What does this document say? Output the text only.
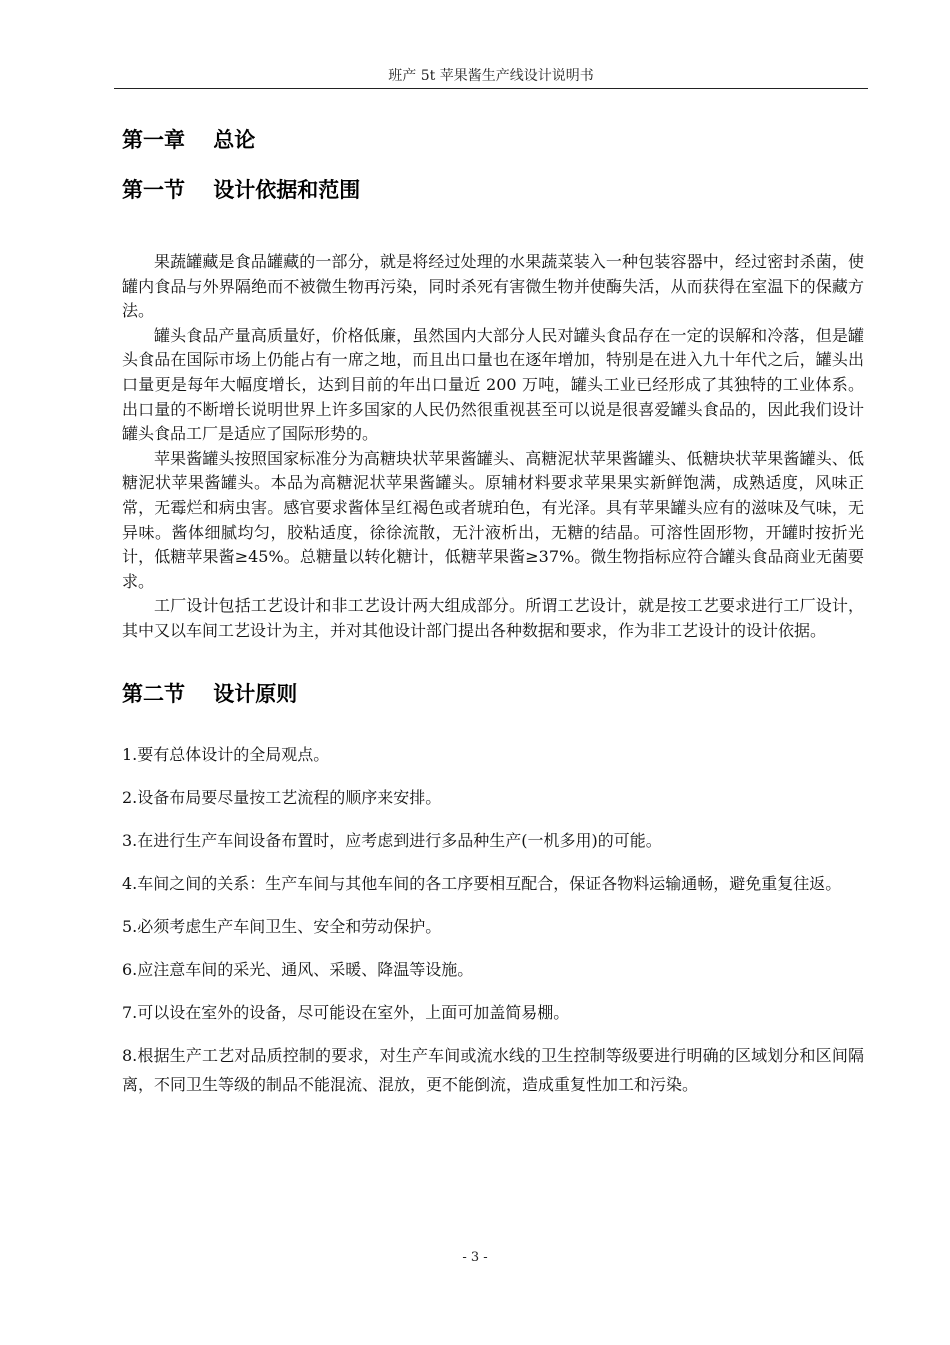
班产 5t 苹果酱生产线设计说明书
第一章　 总论
第一节　 设计依据和范围

果蔬罐藏是食品罐藏的一部分，就是将经过处理的水果蔬菜装入一种包装容器中，经过密封杀菌，使罐内食品与外界隔绝而不被微生物再污染，同时杀死有害微生物并使酶失活，从而获得在室温下的保藏方法。

罐头食品产量高质量好，价格低廉，虽然国内大部分人民对罐头食品存在一定的误解和冷落，但是罐头食品在国际市场上仍能占有一席之地，而且出口量也在逐年增加，特别是在进入九十年代之后，罐头出口量更是每年大幅度增长，达到目前的年出口量近 200 万吨，罐头工业已经形成了其独特的工业体系。出口量的不断增长说明世界上许多国家的人民仍然很重视甚至可以说是很喜爱罐头食品的，因此我们设计罐头食品工厂是适应了国际形势的。

苹果酱罐头按照国家标准分为高糖块状苹果酱罐头、高糖泥状苹果酱罐头、低糖块状苹果酱罐头、低糖泥状苹果酱罐头。本品为高糖泥状苹果酱罐头。原辅材料要求苹果果实新鲜饱满，成熟适度，风味正常，无霉烂和病虫害。感官要求酱体呈红褐色或者琥珀色，有光泽。具有苹果罐头应有的滋味及气味，无异味。酱体细腻均匀，胶粘适度，徐徐流散，无汁液析出，无糖的结晶。可溶性固形物，开罐时按折光计，低糖苹果酱≥45%。总糖量以转化糖计，低糖苹果酱≥37%。微生物指标应符合罐头食品商业无菌要求。

工厂设计包括工艺设计和非工艺设计两大组成部分。所谓工艺设计，就是按工艺要求进行工厂设计，其中又以车间工艺设计为主，并对其他设计部门提出各种数据和要求，作为非工艺设计的设计依据。

第二节　 设计原则

1.要有总体设计的全局观点。

2.设备布局要尽量按工艺流程的顺序来安排。

3.在进行生产车间设备布置时，应考虑到进行多品种生产(一机多用)的可能。

4.车间之间的关系：生产车间与其他车间的各工序要相互配合，保证各物料运输通畅，避免重复往返。

5.必须考虑生产车间卫生、安全和劳动保护。

6.应注意车间的采光、通风、采暖、降温等设施。

7.可以设在室外的设备，尽可能设在室外，上面可加盖简易棚。

8.根据生产工艺对品质控制的要求，对生产车间或流水线的卫生控制等级要进行明确的区域划分和区间隔离，不同卫生等级的制品不能混流、混放，更不能倒流，造成重复性加工和污染。

- 3 -
